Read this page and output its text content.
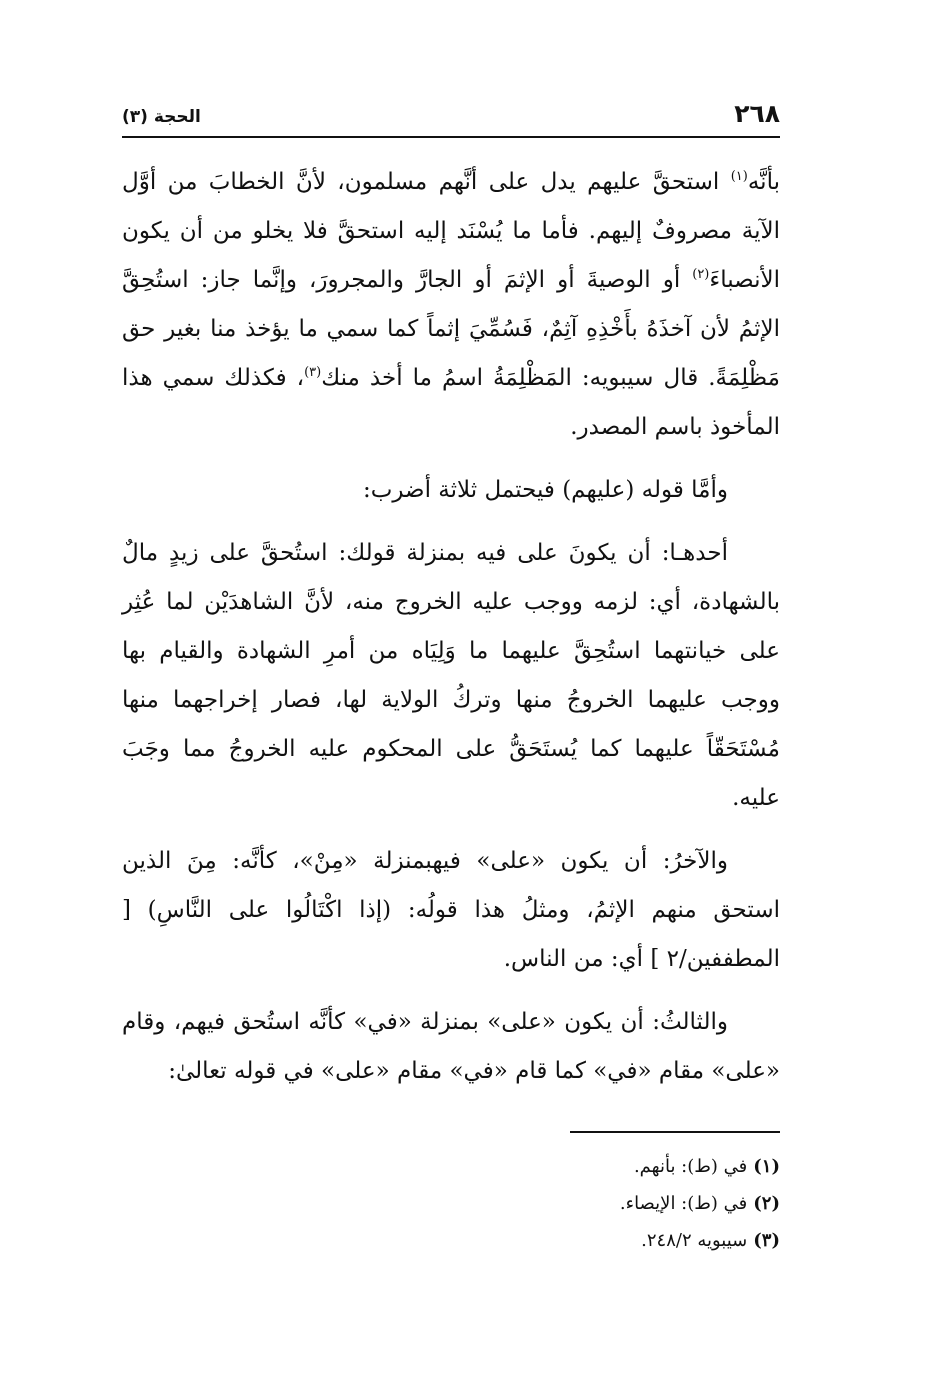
٢٦٨
الحجة (٣)

بأنَّه$^{(١)}$ استحقَّ عليهم يدل على أنَّهم مسلمون، لأنَّ الخطابَ من أوَّل الآية مصروفٌ إليهم. فأما ما يُسْنَد إليه استحقَّ فلا يخلو من أن يكون الأنصباءَ$^{(٢)}$ أو الوصيةَ أو الإثمَ أو الجارَّ والمجرورَ، وإنَّما جاز: استُحِقَّ الإثمُ لأن آخذَهُ بأَخْذِهِ آثِمٌ، فَسُمِّيَ إثماً كما سمي ما يؤخذ منا بغير حق مَظْلِمَةً. قال سيبويه: المَظْلِمَةُ اسمُ ما أخذ منك$^{(٣)}$، فكذلك سمي هذا المأخوذ باسم المصدر.

وأمَّا قوله (عليهم) فيحتمل ثلاثة أضرب:

أحدهـا: أن يكونَ على فيه بمنزلة قولك: استُحقَّ على زيدٍ مالٌ بالشهادة، أي: لزمه ووجب عليه الخروج منه، لأنَّ الشاهدَيْن لما عُثِر على خيانتهما استُحِقَّ عليهما ما وَلِيَاه من أمرِ الشهادة والقيام بها ووجب عليهما الخروجُ منها وتركُ الولاية لها، فصار إخراجهما منها مُسْتَحَقّاً عليهما كما يُستَحَقُّ على المحكوم عليه الخروجُ مما وجَبَ عليه.

والآخرُ: أن يكون «على» فيهبمنزلة «مِنْ»، كأنَّه: مِنَ الذين استحق منهم الإثمُ، ومثلُ هذا قولُه: (إذا اكْتَالُوا على النَّاسِ) [ المطففين/٢ ] أي: من الناس.

والثالثُ: أن يكون «على» بمنزلة «في» كأنَّه استُحق فيهم، وقام «على» مقام «في» كما قام «في» مقام «على» في قوله تعالىٰ:

(١)في (ط): بأنهم.

(٢)في (ط): الإيصاء.

(٣)سيبويه ٢٤٨/٢.
